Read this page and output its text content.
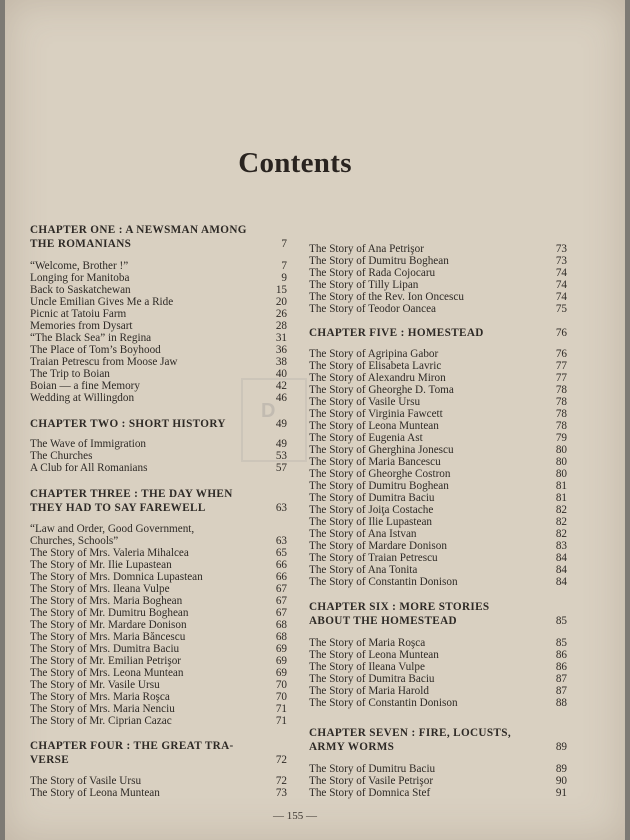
Contents
CHAPTER ONE : A NEWSMAN AMONG
THE ROMANIANS	7
“Welcome, Brother !”	7
Longing for Manitoba	9
Back to Saskatchewan	15
Uncle Emilian Gives Me a Ride	20
Picnic at Tatoiu Farm	26
Memories from Dysart	28
“The Black Sea” in Regina	31
The Place of Tom’s Boyhood	36
Traian Petrescu from Moose Jaw	38
The Trip to Boian	40
Boian — a fine Memory	42
Wedding at Willingdon	46
CHAPTER TWO : SHORT HISTORY	49
The Wave of Immigration	49
The Churches	53
A Club for All Romanians	57
CHAPTER THREE : THE DAY WHEN
THEY HAD TO SAY FAREWELL	63
“Law and Order, Good Government,
Churches, Schools”	63
The Story of Mrs. Valeria Mihalcea	65
The Story of Mr. Ilie Lupastean	66
The Story of Mrs. Domnica Lupastean	66
The Story of Mrs. Ileana Vulpe	67
The Story of Mrs. Maria Boghean	67
The Story of Mr. Dumitru Boghean	67
The Story of Mr. Mardare Donison	68
The Story of Mrs. Maria Băncescu	68
The Story of Mrs. Dumitra Baciu	69
The Story of Mr. Emilian Petrişor	69
The Story of Mrs. Leona Muntean	69
The Story of Mr. Vasile Ursu	70
The Story of Mrs. Maria Roşca	70
The Story of Mrs. Maria Nenciu	71
The Story of Mr. Ciprian Cazac	71
CHAPTER FOUR : THE GREAT TRA-
VERSE	72
The Story of Vasile Ursu	72
The Story of Leona Muntean	73
The Story of Ana Petrişor	73
The Story of Dumitru Boghean	73
The Story of Rada Cojocaru	74
The Story of Tilly Lipan	74
The Story of the Rev. Ion Oncescu	74
The Story of Teodor Oancea	75
CHAPTER FIVE : HOMESTEAD	76
The Story of Agripina Gabor	76
The Story of Elisabeta Lavric	77
The Story of Alexandru Miron	77
The Story of Gheorghe D. Toma	78
The Story of Vasile Ursu	78
The Story of Virginia Fawcett	78
The Story of Leona Muntean	78
The Story of Eugenia Ast	79
The Story of Gherghina Jonescu	80
The Story of Maria Bancescu	80
The Story of Gheorghe Costron	80
The Story of Dumitru Boghean	81
The Story of Dumitra Baciu	81
The Story of Joiţa Costache	82
The Story of Ilie Lupastean	82
The Story of Ana Istvan	82
The Story of Mardare Donison	83
The Story of Traian Petrescu	84
The Story of Ana Tonita	84
The Story of Constantin Donison	84
CHAPTER SIX : MORE STORIES
ABOUT THE HOMESTEAD	85
The Story of Maria Roşca	85
The Story of Leona Muntean	86
The Story of Ileana Vulpe	86
The Story of Dumitra Baciu	87
The Story of Maria Harold	87
The Story of Constantin Donison	88
CHAPTER SEVEN : FIRE, LOCUSTS,
ARMY WORMS	89
The Story of Dumitru Baciu	89
The Story of Vasile Petrişor	90
The Story of Domnica Stef	91
D
— 155 —
